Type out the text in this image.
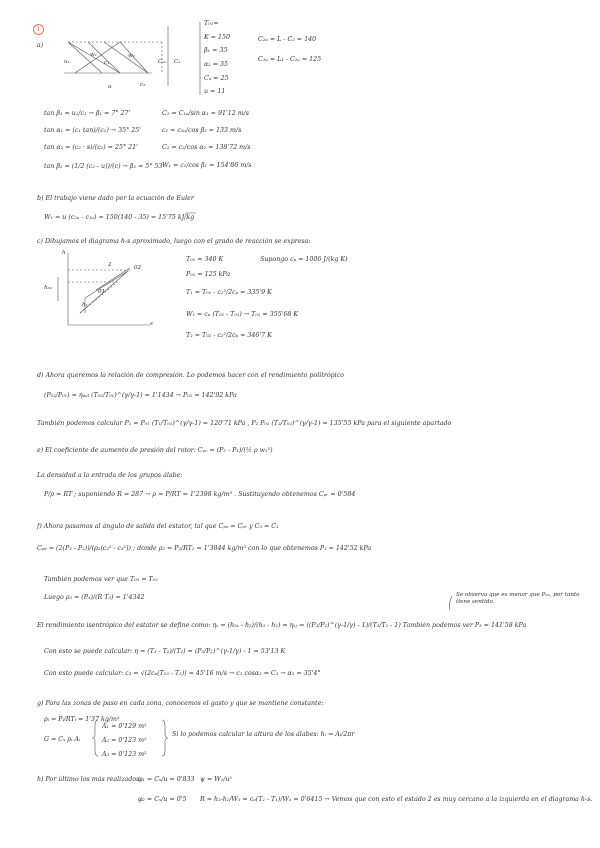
1
a)
u₁
w₁
c₁
u
w₂
c₂
C₁ᵤ C₁
T₀₁=
K = 150
β₁ = 35
α₂ = 35
Cₐ = 25
u = 11
C₂ᵤ = L - C₂ = 140
C₁ᵤ = L₁ - C₂ᵤ = 125
tan β₁ = u₁/c₁ → β₁ = 7° 27'
tan α₁ = (c₁ tan)/(c₂) → 35° 25'
tan α₂ = (c₂ · s)/(c₂) = 25° 21'
tan β₂ = (1/2 (c₂ - u))/(c) → β₂ = 5° 53'
C₁ = C₁ᵤ/sin α₁ = 91'12 m/s
c₂ = c₂ᵤ/cos β₂ = 133 m/s
C₂ = c₂/cos α₂ = 138'72 m/s
W₁ = c₁/cos β₁ = 154'86 m/s
b) El trabajo viene dado por la ecuación de Euler
W₁ = u (c₂ᵤ - c₁ᵤ) = 150(140 - 35) = 15'75 kJ/kg
c) Dibujamos el diagrama h-s aproximado, luego con el grado de reacción se expresa:
h₀₁
h₁
01
2	02
h
s
T₀₁ = 340 K
P₀₁ = 125 kPa
T₁ = T₀₁ - c₁²/2cₚ = 335'9 K
W₁ = cₚ (T₀₂ - T₀₁) → T₀₂ = 355'68 K
T₂ = T₀₂ - c₂²/2cₚ = 346'7 K
Supongo cₚ = 1006 J/(kg K)
d) Ahora queremos la relación de compresión. Lo podemos hacer con el rendimiento politrópico
(P₀₂/P₀₁) = ηₚₒₗ (T₀₂/T₀₁)^(γ/γ-1) = 1'1434 → P₀₂ = 142'92 kPa
También podemos calcular P₁ = P₀₁ (T₁/T₀₁)^(γ/γ-1) = 120'71 kPa , P₂ P₀₂ (T₂/T₀₂)^(γ/γ-1) = 135'55 kPa para el siguiente apartado
e) El coeficiente de aumento de presión del rotor: Cₚᵣ = (P₂ - P₁)/(½ ρ w₁²)
La densidad a la entrada de los grupos álabe:
P/ρ = RT ; suponiendo R = 287 → ρ = P/RT = 1'2398 kg/m³ . Sustituyendo obtenemos Cₚᵣ = 0'584
f) Ahora pasamos al ángulo de salida del estator, tal que Cₚₑ = Cₚᵣ y C₃ = C₁
Cₚₑ = (2(P₃ - P₂))/(ρ₂(c₂² - c₃²)) ; donde ρ₂ = P₂/RT₂ = 1'3844 kg/m³ con lo que obtenemos P₃ = 142'52 kPa
También podemos ver que T₀₃ = T₀₂
Luego ρ₃ = (P₃)/(R T₃) = 1'4342	Se observa que es menor que P₀₃, por tanto tiene sentido.
El rendimiento isentrópico del estator se define como: ηₛ = (h₃ₛ - h₂)/(h₃ - h₂) = ηₛⱼ = ((P₃/P₂)^(γ-1/γ) - 1)/(T₃/T₂ - 1) También podemos ver P₃ = 141'58 kPa
Con esto se puede calcular: η = (T₃ - T₂)/(T₂) = (P₃/P₂)^(γ-1/γ) - 1 = 53'13 K
Con esto puede calcular: c₃ = √(2cₚ(T₀₃ - T₃)) = 45'16 m/s → c₃ cosα₃ = C₃ → α₃ = 35'4°
g) Para las zonas de paso en cada zona, conocemos el gasto y que se mantiene constante:
ρᵢ = Pᵢ/RTᵢ = 1'37 kg/m³
G = Cₓ ρᵢ Aᵢ
A₁ = 0'129 m²
A₂ = 0'123 m²
A₃ = 0'123 m²
Si lo podemos calcular la altura de los álabes: hᵢ = Aᵢ/2πr
h) Por último los más realizados
φ₁ = Cₓ/u = 0'833 ψ = W₁/u²
φ₂ = Cₓ/u = 0'5 R = h₂-h₁/W₁ = cₚ(T₂ - T₁)/W₁ = 0'6415 → Vemos que con esto el estado 2 es muy cercano a la izquierda en el diagrama h-s.
